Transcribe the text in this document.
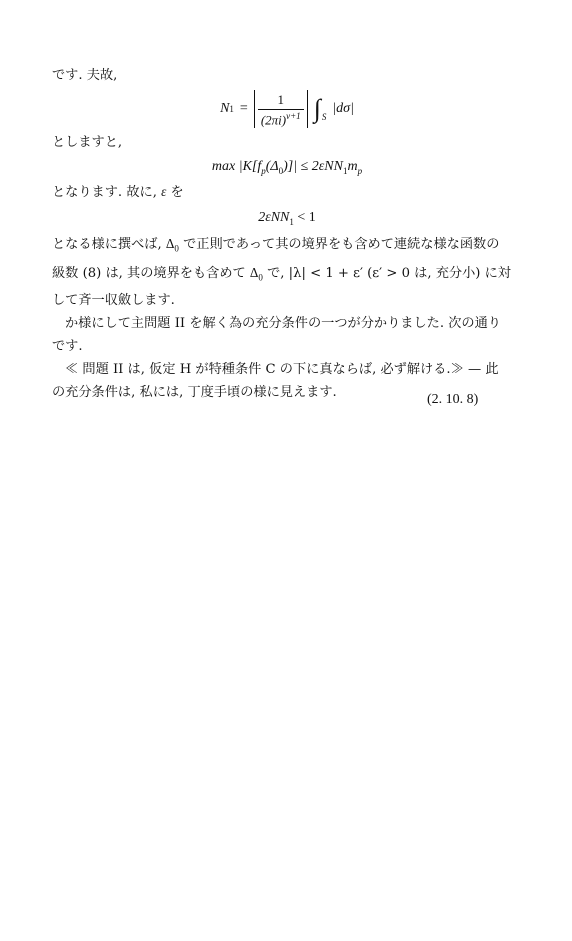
です. 夫故,
N $1 = \frac{1}{(2\pi i)^{\nu+1}} \int_S$
|dσ|
としますと,
$\max |K[f_p(\Delta_0)]| \le 2\varepsilon NN_1m_p$
となります. 故に, ε を
2εNN$_1$ < 1
となる様に撰べば, $\Delta_0$ で正則であって其の境界をも含めて連続な様な函数の
級数 (8) は, 其の境界をも含めて $\Delta_0$ で, |λ| < 1 + ε′ (ε′ > 0 は, 充分小) に対
して斉一収斂します.
か様にして主問題 II を解く為の充分条件の一つが分かりました. 次の通り
です.
≪ 問題 II は, 仮定 H が特種条件 C の下に真ならば, 必ず解ける.≫ — 此
の充分条件は, 私には, 丁度手頃の様に見えます.	(2. 10. 8)
